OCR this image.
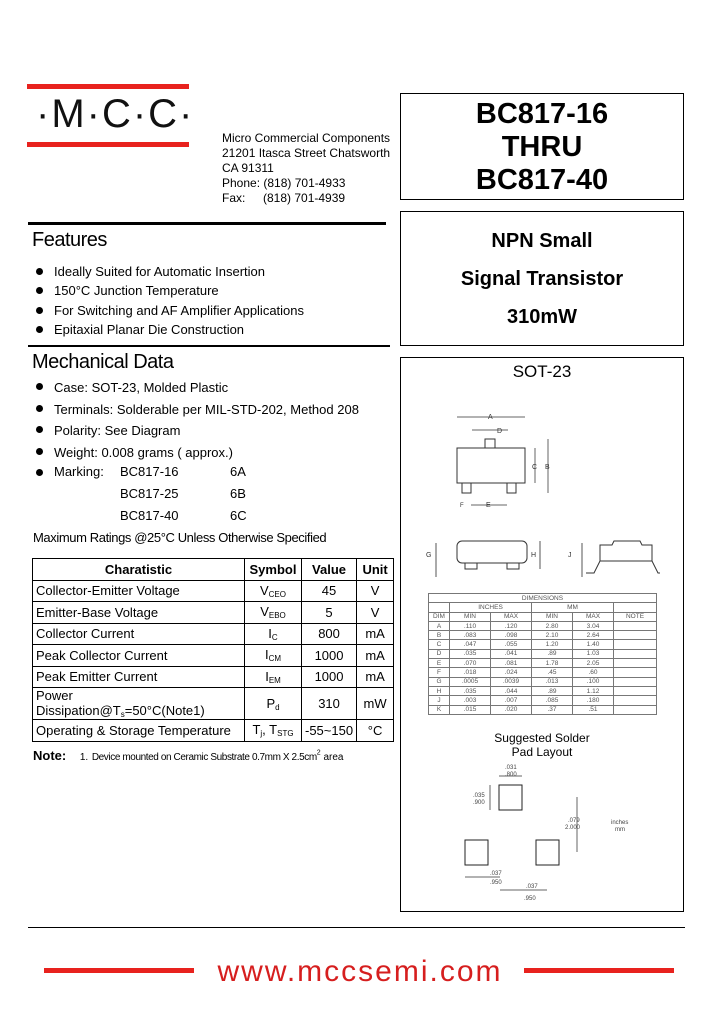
·M·C·C·
Micro Commercial Components
21201 Itasca Street Chatsworth
CA 91311
Phone: (818) 701-4933
Fax: (818) 701-4939
BC817-16
THRU
BC817-40
NPN Small
Signal Transistor
310mW
Features
Ideally Suited for Automatic Insertion
150°C Junction Temperature
For Switching and AF Amplifier Applications
Epitaxial Planar Die Construction
Mechanical Data
Case: SOT-23, Molded Plastic
Terminals: Solderable per MIL-STD-202, Method 208
Polarity: See Diagram
Weight: 0.008 grams ( approx.)
Marking: BC817-16	6A
BC817-25	6B
BC817-40	6C
Maximum Ratings @25°C Unless Otherwise Specified
Charatistic	Symbol	Value	Unit
Collector-Emitter Voltage	VCEO	45	V
Emitter-Base Voltage	VEBO	5	V
Collector Current	IC	800	mA
Peak Collector Current	ICM	1000	mA
Peak Emitter Current	IEM	1000	mA
Power Dissipation@Ts=50°C(Note1)	Pd	310	mW
Operating & Storage Temperature	Tj, TSTG	-55~150	°C
Note: 1. Device mounted on Ceramic Substrate 0.7mm X $2.5cm^2$ area
SOT-23
A
D
C B
F	E
G	H	J
DIMENSIONS					
	INCHES		MM		
DIM	MIN	MAX	MIN	MAX	NOTE
A	.110	.120	2.80	3.04	
B	.083	.098	2.10	2.64	
C	.047	.055	1.20	1.40	
D	.035	.041	.89	1.03	
E	.070	.081	1.78	2.05	
F	.018	.024	.45	.60	
G	.0005	.0039	.013	.100	
H	.035	.044	.89	1.12	
J	.003	.007	.085	.180	
K	.015	.020	.37	.51	
Suggested Solder
Pad Layout
.031
.800
.035
.900
.079
2.000
inches
mm
.037
.950
.037
.950
www.mccsemi.com
